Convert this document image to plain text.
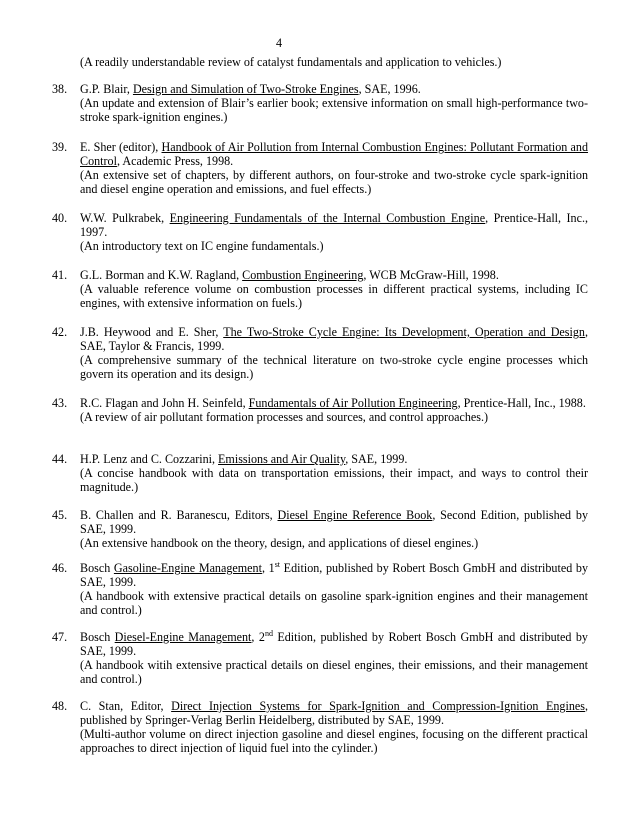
4
(A readily understandable review of catalyst fundamentals and application to vehicles.)
38. G.P. Blair, Design and Simulation of Two-Stroke Engines, SAE, 1996.

(An update and extension of Blair’s earlier book; extensive information on small high-performance two-stroke spark-ignition engines.)

39. E. Sher (editor), Handbook of Air Pollution from Internal Combustion Engines: Pollutant Formation and Control, Academic Press, 1998.

(An extensive set of chapters, by different authors, on four-stroke and two-stroke cycle spark-ignition and diesel engine operation and emissions, and fuel effects.)

40. W.W. Pulkrabek, Engineering Fundamentals of the Internal Combustion Engine, Prentice-Hall, Inc., 1997.

(An introductory text on IC engine fundamentals.)

41. G.L. Borman and K.W. Ragland, Combustion Engineering, WCB McGraw-Hill, 1998.

(A valuable reference volume on combustion processes in different practical systems, including IC engines, with extensive information on fuels.)

42. J.B. Heywood and E. Sher, The Two-Stroke Cycle Engine: Its Development, Operation and Design, SAE, Taylor & Francis, 1999.

(A comprehensive summary of the technical literature on two-stroke cycle engine processes which govern its operation and its design.)

43. R.C. Flagan and John H. Seinfeld, Fundamentals of Air Pollution Engineering, Prentice-Hall, Inc., 1988.

(A review of air pollutant formation processes and sources, and control approaches.)

44. H.P. Lenz and C. Cozzarini, Emissions and Air Quality, SAE, 1999.

(A concise handbook with data on transportation emissions, their impact, and ways to control their magnitude.)

45. B. Challen and R. Baranescu, Editors, Diesel Engine Reference Book, Second Edition, published by SAE, 1999.

(An extensive handbook on the theory, design, and applications of diesel engines.)

46. Bosch Gasoline-Engine Management, 1st Edition, published by Robert Bosch GmbH and distributed by SAE, 1999.

(A handbook with extensive practical details on gasoline spark-ignition engines and their management and control.)

47. Bosch Diesel-Engine Management, 2nd Edition, published by Robert Bosch GmbH and distributed by SAE, 1999.

(A handbook witih extensive practical details on diesel engines, their emissions, and their management and control.)

48. C. Stan, Editor, Direct Injection Systems for Spark-Ignition and Compression-Ignition Engines, published by Springer-Verlag Berlin Heidelberg, distributed by SAE, 1999.

(Multi-author volume on direct injection gasoline and diesel engines, focusing on the different practical approaches to direct injection of liquid fuel into the cylinder.)
